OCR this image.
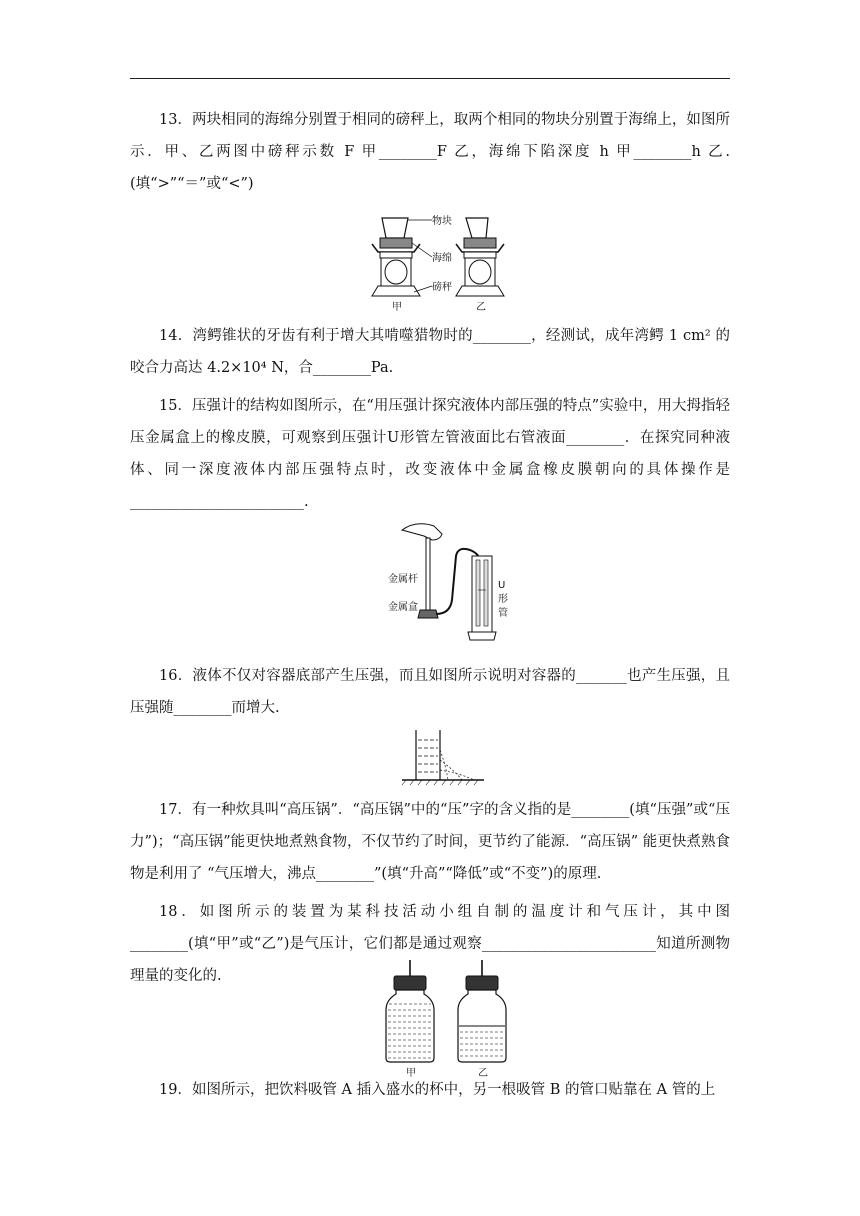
13．两块相同的海绵分别置于相同的磅秤上，取两个相同的物块分别置于海绵上，如图所示．甲、乙两图中磅秤示数 F 甲________F 乙，海绵下陷深度 h 甲________h 乙. (填“>”“＝”或“<”)

物块
海绵
磅秤
甲	乙

14．湾鳄锥状的牙齿有利于增大其啃噬猎物时的________，经测试，成年湾鳄 1 cm² 的咬合力高达 4.2×10⁴ N，合________Pa.

15．压强计的结构如图所示，在“用压强计探究液体内部压强的特点”实验中，用大拇指轻压金属盒上的橡皮膜，可观察到压强计U形管左管液面比右管液面________．在探究同种液体、同一深度液体内部压强特点时，改变液体中金属盒橡皮膜朝向的具体操作是________________________.

金属杆
金属盒
U
形
管

16．液体不仅对容器底部产生压强，而且如图所示说明对容器的_______也产生压强，且压强随________而增大.

17．有一种炊具叫“高压锅”．“高压锅”中的“压”字的含义指的是________(填“压强”或“压力”)；“高压锅”能更快地煮熟食物，不仅节约了时间，更节约了能源．“高压锅” 能更快煮熟食物是利用了 “气压增大，沸点________”(填“升高”“降低”或“不变”)的原理.

18．如图所示的装置为某科技活动小组自制的温度计和气压计，其中图________(填“甲”或“乙”)是气压计，它们都是通过观察________________________知道所测物理量的变化的.

甲	乙

19．如图所示，把饮料吸管 A 插入盛水的杯中，另一根吸管 B 的管口贴靠在 A 管的上
